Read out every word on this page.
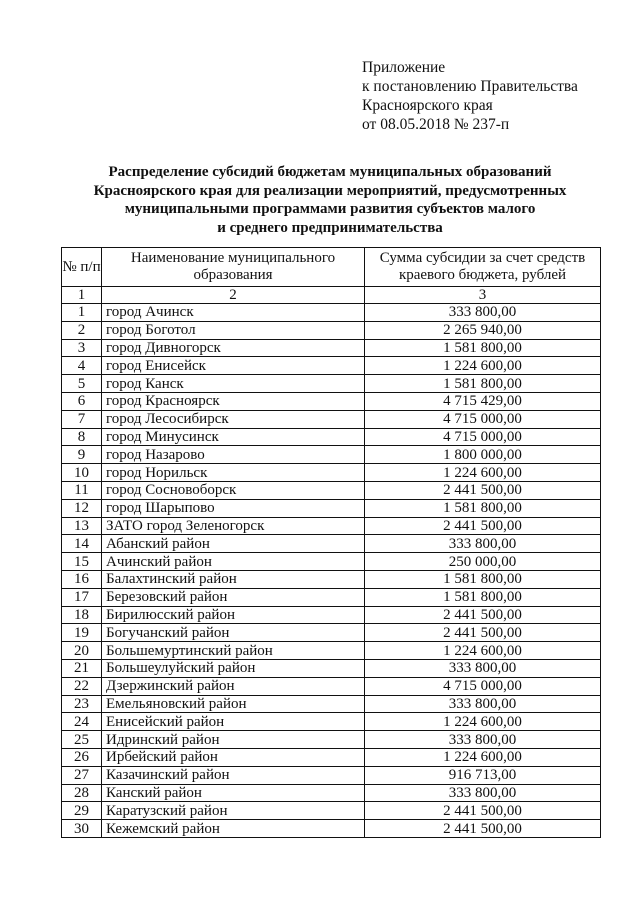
Приложение
к постановлению Правительства
Красноярского края
от 08.05.2018 № 237-п
Распределение субсидий бюджетам муниципальных образований
Красноярского края для реализации мероприятий, предусмотренных
муниципальными программами развития субъектов малого
и среднего предпринимательства
№ п/п	Наименование муниципального образования	Сумма субсидии за счет средств краевого бюджета, рублей
1	2	3
1	город Ачинск	333 800,00
2	город Боготол	2 265 940,00
3	город Дивногорск	1 581 800,00
4	город Енисейск	1 224 600,00
5	город Канск	1 581 800,00
6	город Красноярск	4 715 429,00
7	город Лесосибирск	4 715 000,00
8	город Минусинск	4 715 000,00
9	город Назарово	1 800 000,00
10	город Норильск	1 224 600,00
11	город Сосновоборск	2 441 500,00
12	город Шарыпово	1 581 800,00
13	ЗАТО город Зеленогорск	2 441 500,00
14	Абанский район	333 800,00
15	Ачинский район	250 000,00
16	Балахтинский район	1 581 800,00
17	Березовский район	1 581 800,00
18	Бирилюсский район	2 441 500,00
19	Богучанский район	2 441 500,00
20	Большемуртинский район	1 224 600,00
21	Большеулуйский район	333 800,00
22	Дзержинский район	4 715 000,00
23	Емельяновский район	333 800,00
24	Енисейский район	1 224 600,00
25	Идринский район	333 800,00
26	Ирбейский район	1 224 600,00
27	Казачинский район	916 713,00
28	Канский район	333 800,00
29	Каратузский район	2 441 500,00
30	Кежемский район	2 441 500,00
